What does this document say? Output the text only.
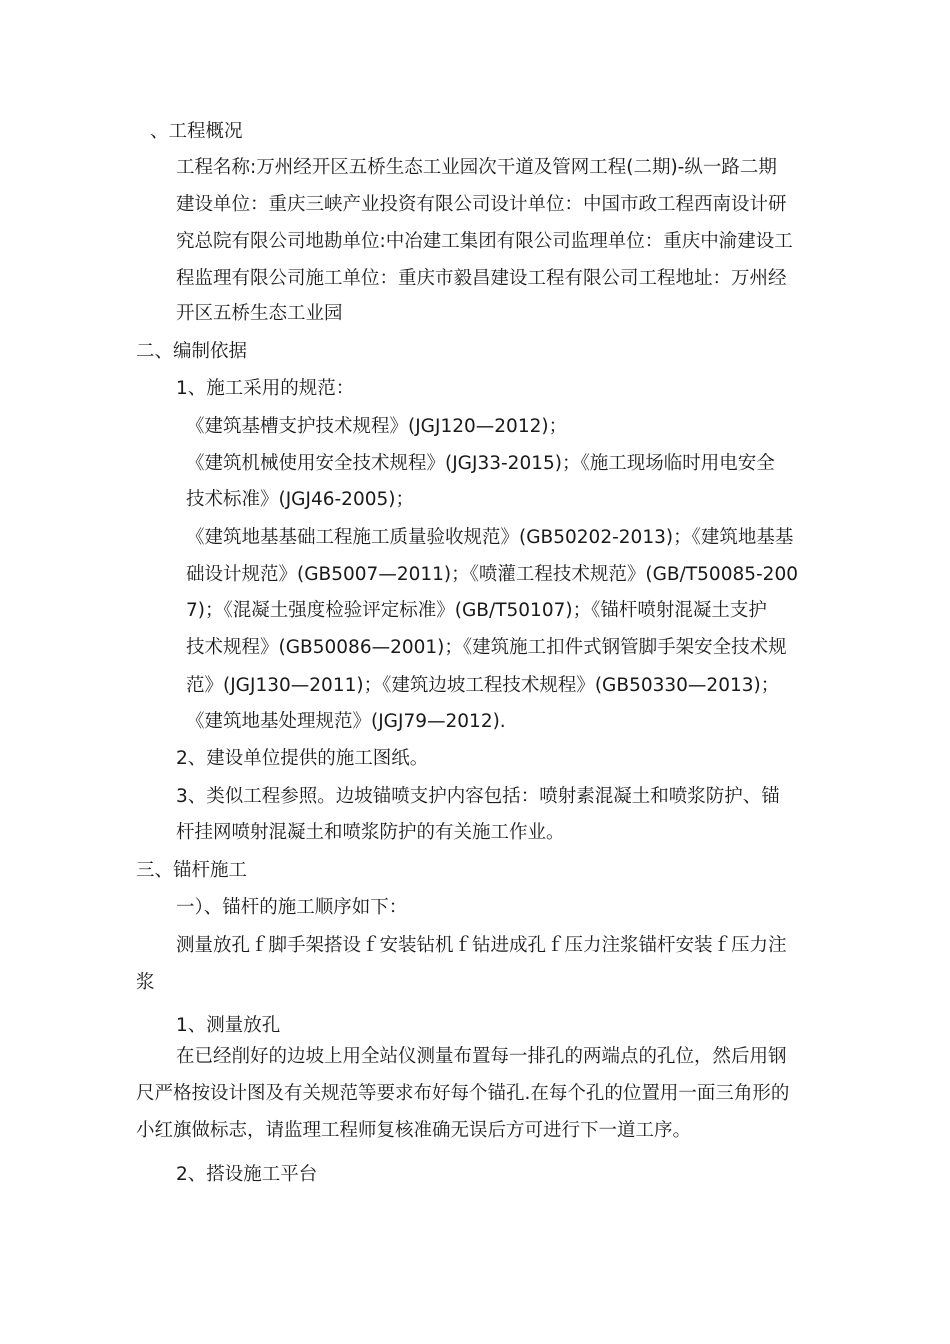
、工程概况
工程名称:万州经开区五桥生态工业园次干道及管网工程(二期)-纵一路二期
建设单位：重庆三峡产业投资有限公司设计单位：中国市政工程西南设计研
究总院有限公司地勘单位:中冶建工集团有限公司监理单位：重庆中渝建设工
程监理有限公司施工单位：重庆市毅昌建设工程有限公司工程地址：万州经
开区五桥生态工业园
二、编制依据
1、施工采用的规范：
《建筑基槽支护技术规程》(JGJ120—2012)；
《建筑机械使用安全技术规程》(JGJ33-2015)；《施工现场临时用电安全
技术标准》(JGJ46-2005)；
《建筑地基基础工程施工质量验收规范》(GB50202-2013)；《建筑地基基
础设计规范》(GB5007—2011)；《喷灌工程技术规范》(GB/T50085-200
7)；《混凝土强度检验评定标准》(GB/T50107)；《锚杆喷射混凝土支护
技术规程》(GB50086—2001)；《建筑施工扣件式钢管脚手架安全技术规
范》(JGJ130—2011)；《建筑边坡工程技术规程》(GB50330—2013)；
《建筑地基处理规范》(JGJ79—2012).
2、建设单位提供的施工图纸。
3、类似工程参照。边坡锚喷支护内容包括：喷射素混凝土和喷浆防护、锚
杆挂网喷射混凝土和喷浆防护的有关施工作业。
三、锚杆施工
一）、锚杆的施工顺序如下：
测量放孔ｆ脚手架搭设ｆ安装钻机ｆ钻进成孔ｆ压力注浆锚杆安装ｆ压力注
浆
1、测量放孔
在已经削好的边坡上用全站仪测量布置每一排孔的两端点的孔位，然后用钢
尺严格按设计图及有关规范等要求布好每个锚孔.在每个孔的位置用一面三角形的
小红旗做标志，请监理工程师复核准确无误后方可进行下一道工序。
2、搭设施工平台
